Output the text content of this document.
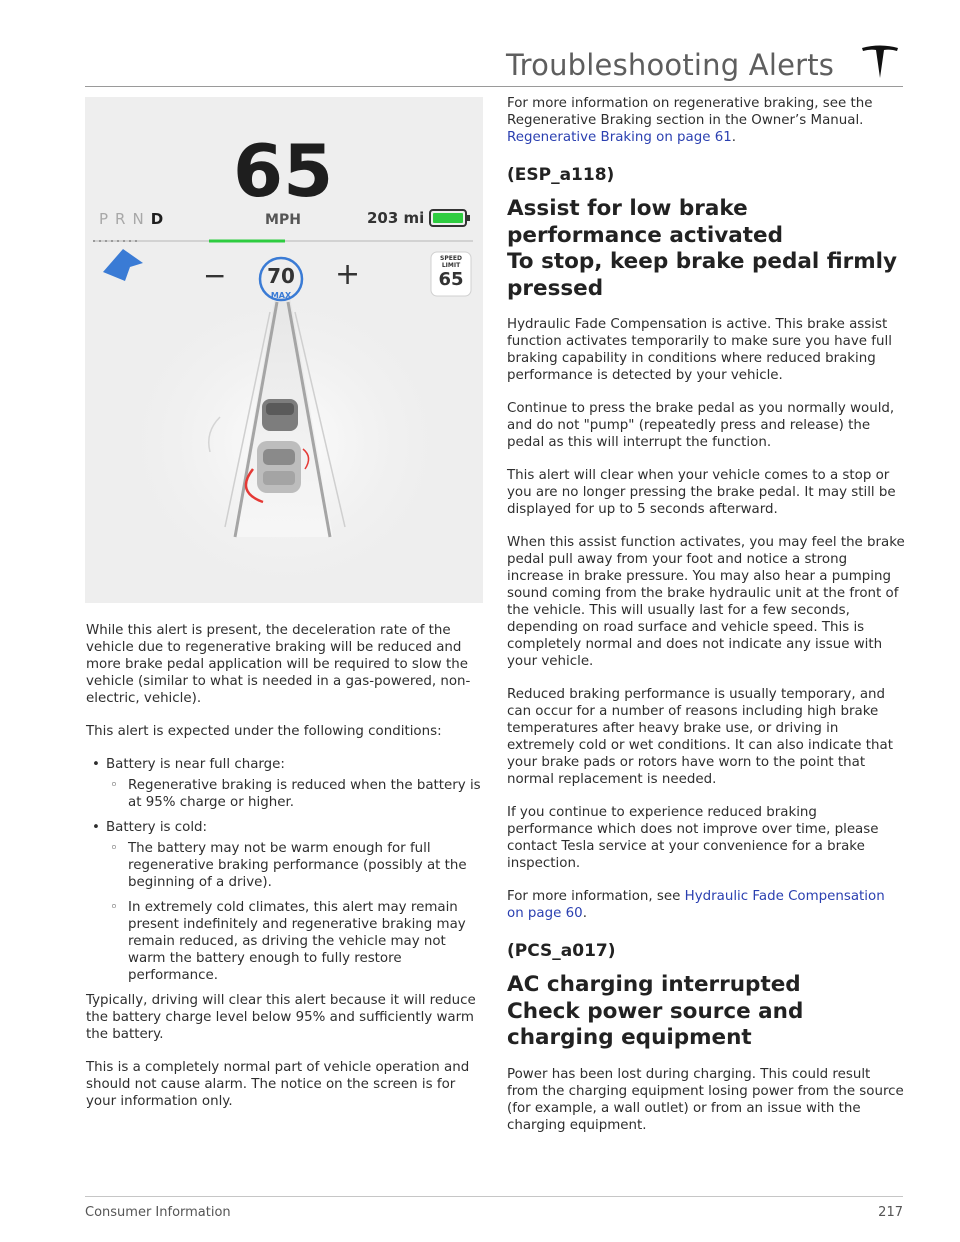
Troubleshooting Alerts
65
PRND	MPH	203 mi
−	70
MAX
+	SPEED
LIMIT
65

While this alert is present, the deceleration rate of the vehicle due to regenerative braking will be reduced and more brake pedal application will be required to slow the vehicle (similar to what is needed in a gas-powered, non-electric, vehicle).

This alert is expected under the following conditions:

• Battery is near full charge:
◦ Regenerative braking is reduced when the battery is at 95% charge or higher.
• Battery is cold:
◦ The battery may not be warm enough for full regenerative braking performance (possibly at the beginning of a drive).
◦ In extremely cold climates, this alert may remain present indefinitely and regenerative braking may remain reduced, as driving the vehicle may not warm the battery enough to fully restore performance.

Typically, driving will clear this alert because it will reduce the battery charge level below 95% and sufficiently warm the battery.

This is a completely normal part of vehicle operation and should not cause alarm. The notice on the screen is for your information only.

For more information on regenerative braking, see the Regenerative Braking section in the Owner’s Manual. Regenerative Braking on page 61.

(ESP_a118)
Assist for low brake performance activated
To stop, keep brake pedal firmly pressed

Hydraulic Fade Compensation is active. This brake assist function activates temporarily to make sure you have full braking capability in conditions where reduced braking performance is detected by your vehicle.

Continue to press the brake pedal as you normally would, and do not "pump" (repeatedly press and release) the pedal as this will interrupt the function.

This alert will clear when your vehicle comes to a stop or you are no longer pressing the brake pedal. It may still be displayed for up to 5 seconds afterward.

When this assist function activates, you may feel the brake pedal pull away from your foot and notice a strong increase in brake pressure. You may also hear a pumping sound coming from the brake hydraulic unit at the front of the vehicle. This will usually last for a few seconds, depending on road surface and vehicle speed. This is completely normal and does not indicate any issue with your vehicle.

Reduced braking performance is usually temporary, and can occur for a number of reasons including high brake temperatures after heavy brake use, or driving in extremely cold or wet conditions. It can also indicate that your brake pads or rotors have worn to the point that normal replacement is needed.

If you continue to experience reduced braking performance which does not improve over time, please contact Tesla service at your convenience for a brake inspection.

For more information, see Hydraulic Fade Compensation on page 60.

(PCS_a017)
AC charging interrupted
Check power source and charging equipment

Power has been lost during charging. This could result from the charging equipment losing power from the source (for example, a wall outlet) or from an issue with the charging equipment.

Consumer Information	217
